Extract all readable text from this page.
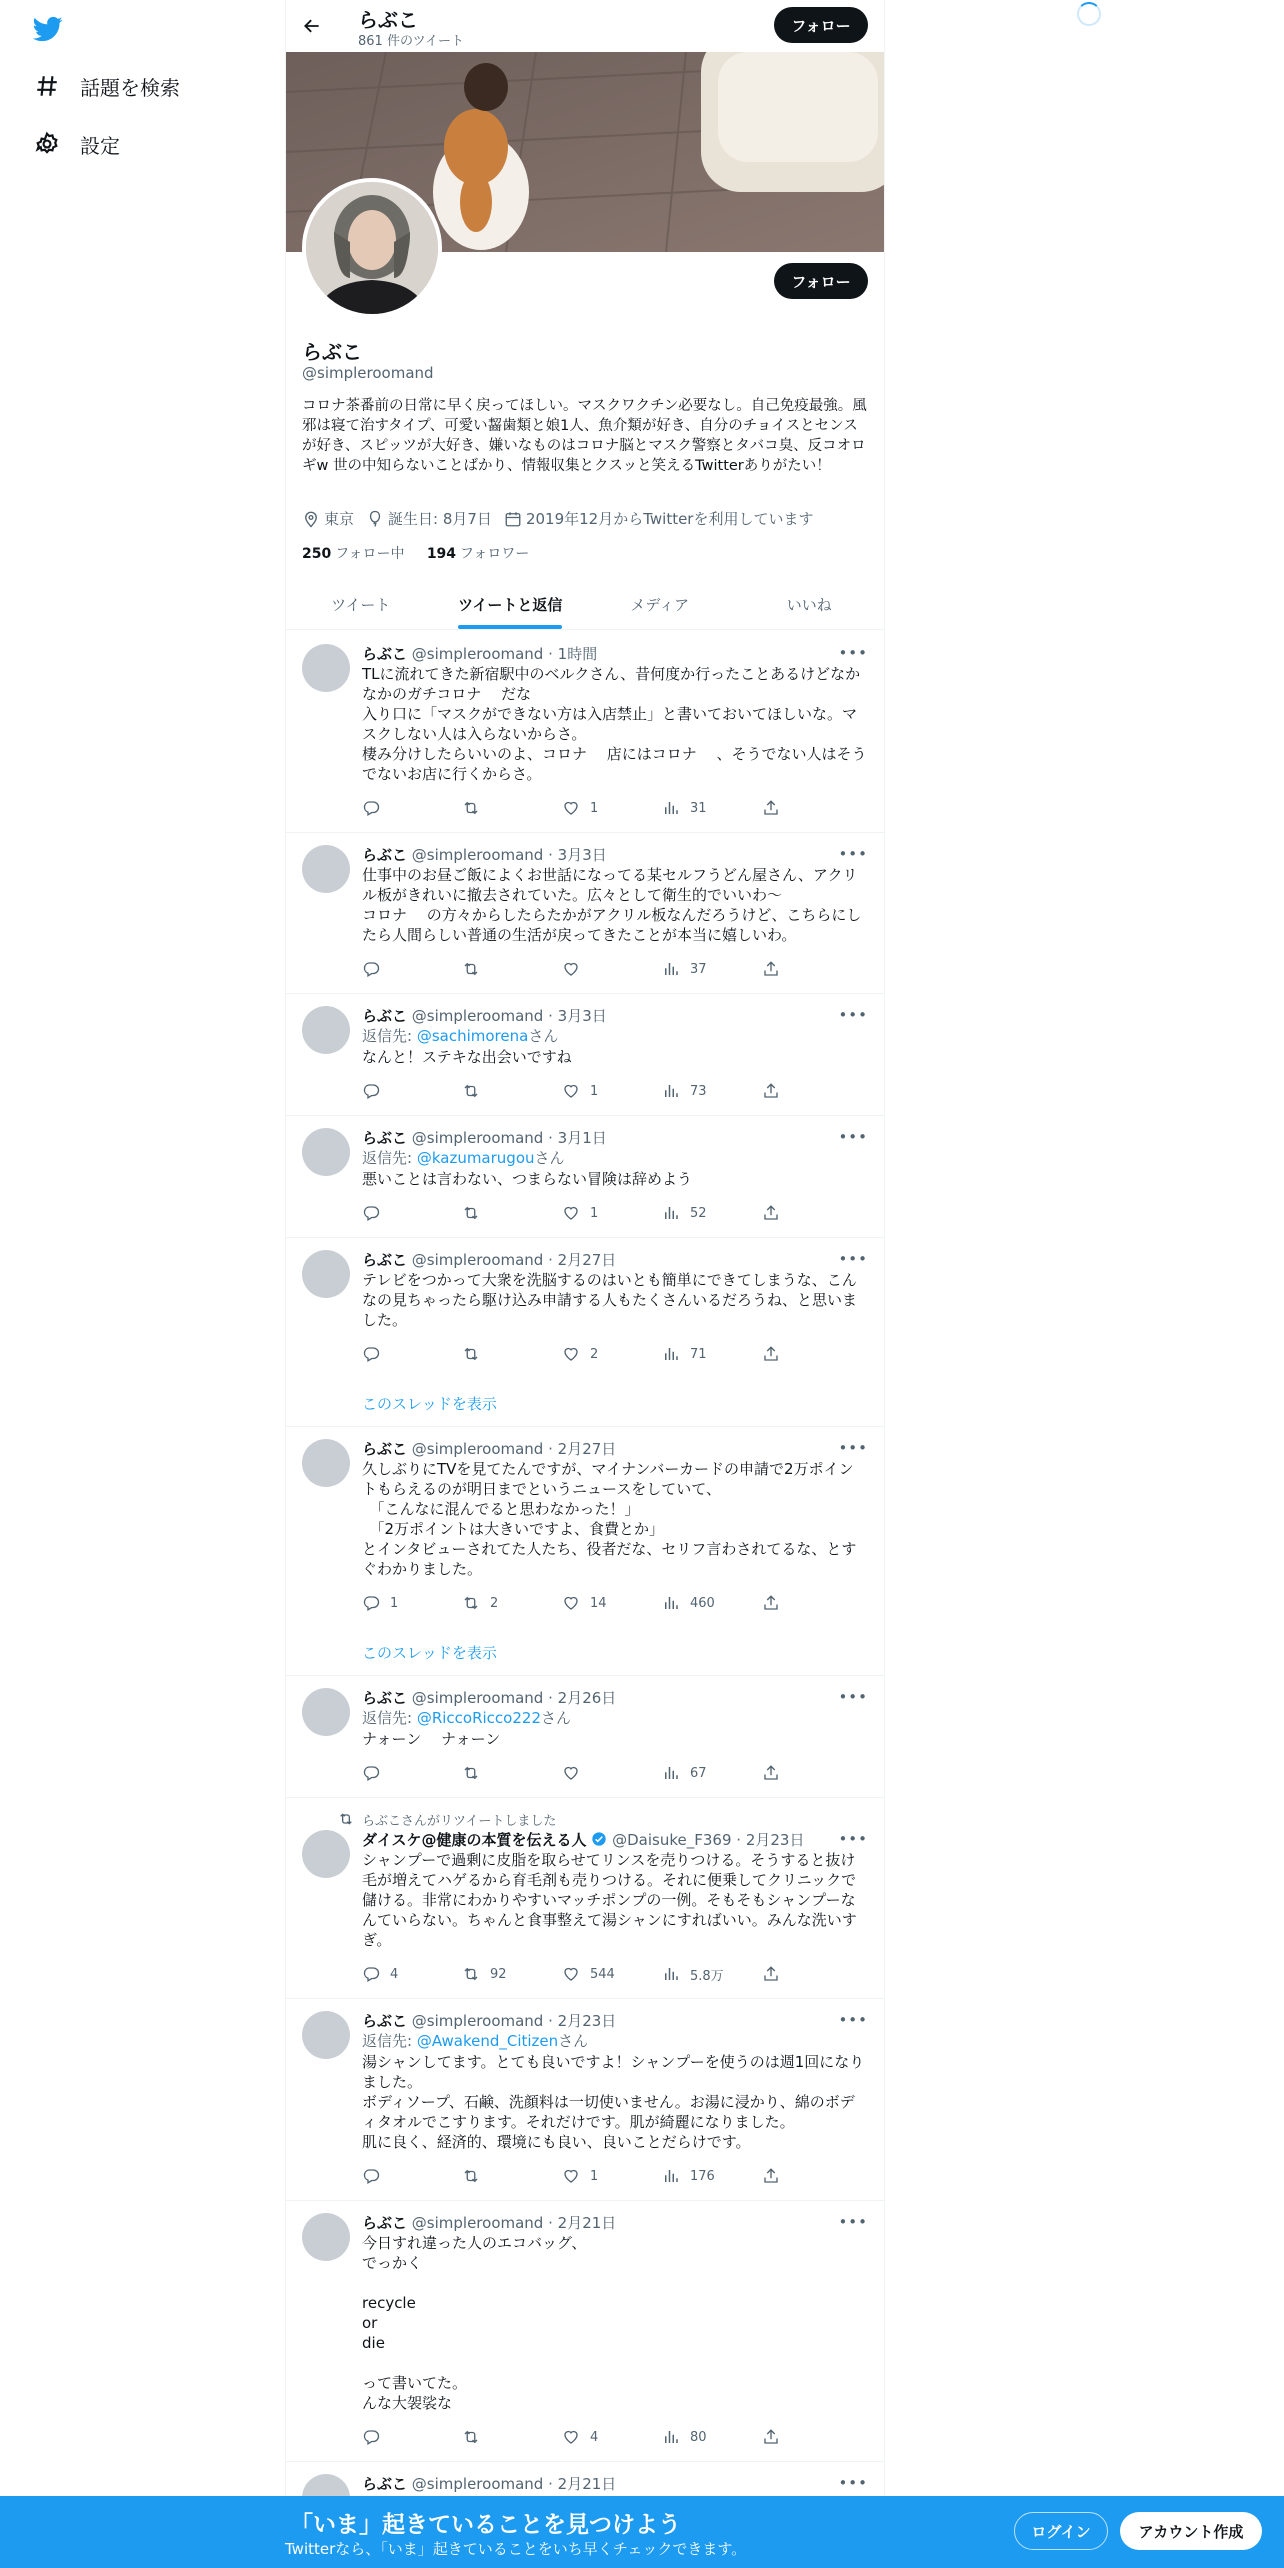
話題を検索
設定
らぶこ
861 件のツイート
フォロー
フォロー
らぶこ
@simpleroomand
コロナ茶番前の日常に早く戻ってほしい。マスクワクチン必要なし。自己免疫最強。風邪は寝て治すタイプ、可愛い齧歯類と娘1人、魚介類が好き、自分のチョイスとセンスが好き、スピッツが大好き、嫌いなものはコロナ脳とマスク警察とタバコ臭、反コオロギw 世の中知らないことばかり、情報収集とクスッと笑えるTwitterありがたい！
東京 誕生日: 8月7日 2019年12月からTwitterを利用しています
250 フォロー中 194 フォロワー
ツイート	ツイートと返信	メディア	いいね
•••
らぶこ @simpleroomand · 1時間
TLに流れてきた新宿駅中のベルクさん、昔何度か行ったことあるけどなかなかのガチコロナ　 だな
入り口に「マスクができない方は入店禁止」と書いておいてほしいな。マスクしない人は入らないからさ。
棲み分けしたらいいのよ、コロナ　 店にはコロナ　 、そうでない人はそうでないお店に行くからさ。
1	31
•••
らぶこ @simpleroomand · 3月3日
仕事中のお昼ご飯によくお世話になってる某セルフうどん屋さん、アクリル板がきれいに撤去されていた。広々として衛生的でいいわ〜
コロナ　 の方々からしたらたかがアクリル板なんだろうけど、こちらにしたら人間らしい普通の生活が戻ってきたことが本当に嬉しいわ。
37
•••
らぶこ @simpleroomand · 3月3日
返信先: @sachimorenaさん
なんと！ステキな出会いですね
1	73
•••
らぶこ @simpleroomand · 3月1日
返信先: @kazumarugouさん
悪いことは言わない、つまらない冒険は辞めよう
1	52
•••
らぶこ @simpleroomand · 2月27日
テレビをつかって大衆を洗脳するのはいとも簡単にできてしまうな、こんなの見ちゃったら駆け込み申請する人もたくさんいるだろうね、と思いました。
2	71
このスレッドを表示
•••
らぶこ @simpleroomand · 2月27日
久しぶりにTVを見てたんですが、マイナンバーカードの申請で2万ポイントもらえるのが明日までというニュースをしていて、
　「こんなに混んでると思わなかった！」
　「2万ポイントは大きいですよ、食費とか」
とインタビューされてた人たち、役者だな、セリフ言わされてるな、とすぐわかりました。
1	2	14	460
このスレッドを表示
•••
らぶこ @simpleroomand · 2月26日
返信先: @RiccoRicco222さん
ナォーン　 ナォーン
67
らぶこさんがリツイートしました
•••
ダイスケ@健康の本質を伝える人 @Daisuke_F369 · 2月23日
シャンプーで過剰に皮脂を取らせてリンスを売りつける。そうすると抜け毛が増えてハゲるから育毛剤も売りつける。それに便乗してクリニックで儲ける。非常にわかりやすいマッチポンプの一例。そもそもシャンプーなんていらない。ちゃんと食事整えて湯シャンにすればいい。みんな洗いすぎ。
4	92	544	5.8万
•••
らぶこ @simpleroomand · 2月23日
返信先: @Awakend_Citizenさん
湯シャンしてます。とても良いですよ！シャンプーを使うのは週1回になりました。
ボディソープ、石鹸、洗顔料は一切使いません。お湯に浸かり、綿のボディタオルでこすります。それだけです。肌が綺麗になりました。
肌に良く、経済的、環境にも良い、良いことだらけです。
1	176
•••
らぶこ @simpleroomand · 2月21日
今日すれ違った人のエコバッグ、
でっかく

recycle
or
die

って書いてた。
んな大袈裟な
4	80
•••
らぶこ @simpleroomand · 2月21日
「いま」起きていることを見つけよう
Twitterなら、「いま」起きていることをいち早くチェックできます。
ログイン	アカウント作成
